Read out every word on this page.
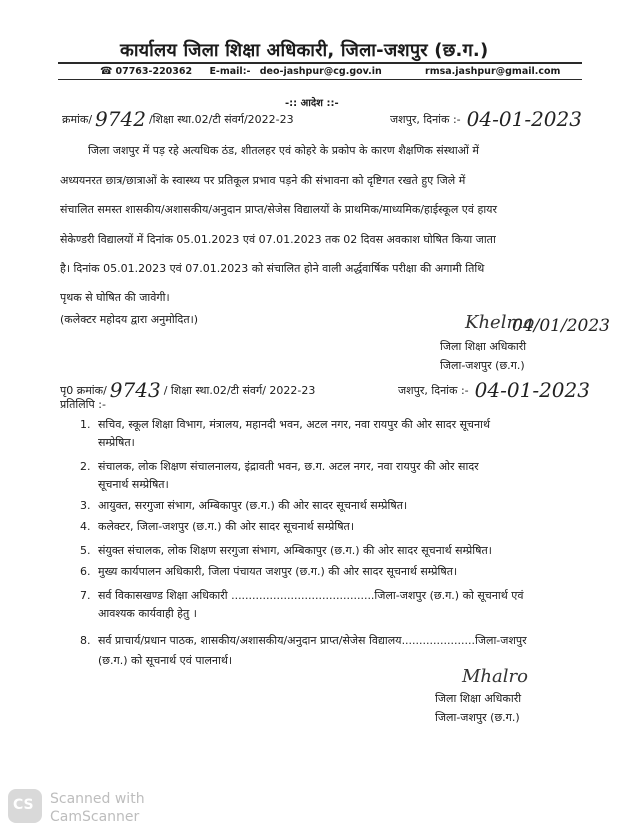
कार्यालय जिला शिक्षा अधिकारी, जिला-जशपुर (छ.ग.)
☎ 07763-220362 E-mail:- deo-jashpur@cg.gov.in	rmsa.jashpur@gmail.com
-:: आदेश ::-
क्रमांक/ 9742 /शिक्षा स्था.02/टी संवर्ग/2022-23	जशपुर, दिनांक :- 04-01-2023
जिला जशपुर में पड़ रहे अत्यधिक ठंड, शीतलहर एवं कोहरे के प्रकोप के कारण शैक्षणिक संस्थाओं में
अध्ययनरत छात्र/छात्राओं के स्वास्थ्य पर प्रतिकूल प्रभाव पड़ने की संभावना को दृष्टिगत रखते हुए जिले में
संचालित समस्त शासकीय/अशासकीय/अनुदान प्राप्त/सेजेस विद्यालयों के प्राथमिक/माध्यमिक/हाईस्कूल एवं हायर
सेकेण्डरी विद्यालयों में दिनांक 05.01.2023 एवं 07.01.2023 तक 02 दिवस अवकाश घोषित किया जाता
है। दिनांक 05.01.2023 एवं 07.01.2023 को संचालित होने वाली अर्द्धवार्षिक परीक्षा की अगामी तिथि
पृथक से घोषित की जावेगी।
(कलेक्टर महोदय द्वारा अनुमोदित।)	Khelmo
04/01/2023
जिला शिक्षा अधिकारी
जिला-जशपुर (छ.ग.)
पृ0 क्रमांक/ 9743 / शिक्षा स्था.02/टी संवर्ग/ 2022-23	जशपुर, दिनांक :- 04-01-2023
प्रतिलिपि :-
1. सचिव, स्कूल शिक्षा विभाग, मंत्रालय, महानदी भवन, अटल नगर, नवा रायपुर की ओर सादर सूचनार्थ
सम्प्रेषित।
2. संचालक, लोक शिक्षण संचालनालय, इंद्रावती भवन, छ.ग. अटल नगर, नवा रायपुर की ओर सादर
सूचनार्थ सम्प्रेषित।
3. आयुक्त, सरगुजा संभाग, अम्बिकापुर (छ.ग.) की ओर सादर सूचनार्थ सम्प्रेषित।
4. कलेक्टर, जिला-जशपुर (छ.ग.) की ओर सादर सूचनार्थ सम्प्रेषित।
5. संयुक्त संचालक, लोक शिक्षण सरगुजा संभाग, अम्बिकापुर (छ.ग.) की ओर सादर सूचनार्थ सम्प्रेषित।
6. मुख्य कार्यपालन अधिकारी, जिला पंचायत जशपुर (छ.ग.) की ओर सादर सूचनार्थ सम्प्रेषित।
7. सर्व विकासखण्ड शिक्षा अधिकारी .........................................जिला-जशपुर (छ.ग.) को सूचनार्थ एवं
आवश्यक कार्यवाही हेतु ।
8. सर्व प्राचार्य/प्रधान पाठक, शासकीय/अशासकीय/अनुदान प्राप्त/सेजेस विद्यालय.....................जिला-जशपुर
(छ.ग.) को सूचनार्थ एवं पालनार्थ।
Mhalro
जिला शिक्षा अधिकारी
जिला-जशपुर (छ.ग.)
CS Scanned with
CamScanner
